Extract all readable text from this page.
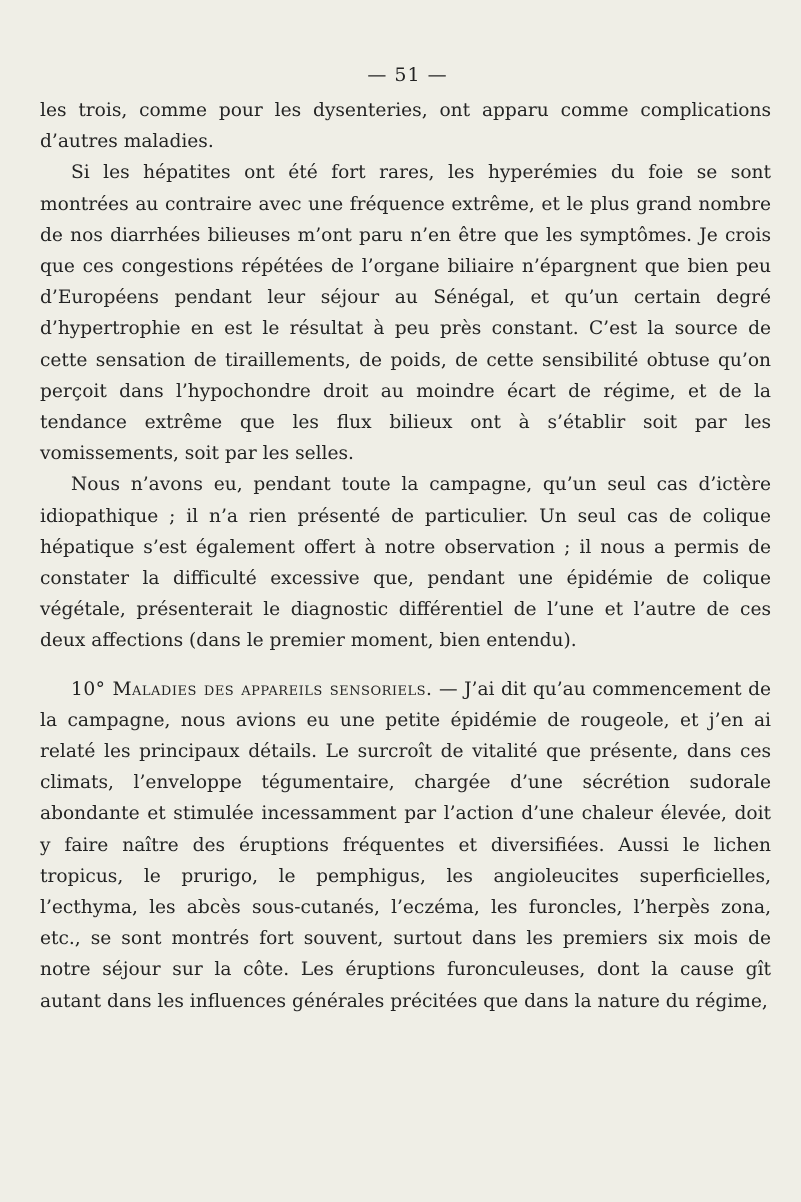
— 51 —

les trois, comme pour les dysenteries, ont apparu comme complications d’autres maladies.

Si les hépatites ont été fort rares, les hyperémies du foie se sont montrées au contraire avec une fréquence extrême, et le plus grand nombre de nos diarrhées bilieuses m’ont paru n’en être que les symptômes. Je crois que ces congestions répétées de l’organe biliaire n’épargnent que bien peu d’Européens pendant leur séjour au Sénégal, et qu’un certain degré d’hypertrophie en est le résultat à peu près constant. C’est la source de cette sensation de tiraillements, de poids, de cette sensibilité obtuse qu’on perçoit dans l’hypochondre droit au moindre écart de régime, et de la tendance extrême que les flux bilieux ont à s’établir soit par les vomissements, soit par les selles.

Nous n’avons eu, pendant toute la campagne, qu’un seul cas d’ictère idiopathique ; il n’a rien présenté de particulier. Un seul cas de colique hépatique s’est également offert à notre observation ; il nous a permis de constater la difficulté excessive que, pendant une épidémie de colique végétale, présenterait le diagnostic différentiel de l’une et l’autre de ces deux affections (dans le premier moment, bien entendu).

10° Maladies des appareils sensoriels. — J’ai dit qu’au commencement de la campagne, nous avions eu une petite épidémie de rougeole, et j’en ai relaté les principaux détails. Le surcroît de vitalité que présente, dans ces climats, l’enveloppe tégumentaire, chargée d’une sécrétion sudorale abondante et stimulée incessamment par l’action d’une chaleur élevée, doit y faire naître des éruptions fréquentes et diversifiées. Aussi le lichen tropicus, le prurigo, le pemphigus, les angioleucites superficielles, l’ecthyma, les abcès sous-cutanés, l’eczéma, les furoncles, l’herpès zona, etc., se sont montrés fort souvent, surtout dans les premiers six mois de notre séjour sur la côte. Les éruptions furonculeuses, dont la cause gît autant dans les influences générales précitées que dans la nature du régime,
